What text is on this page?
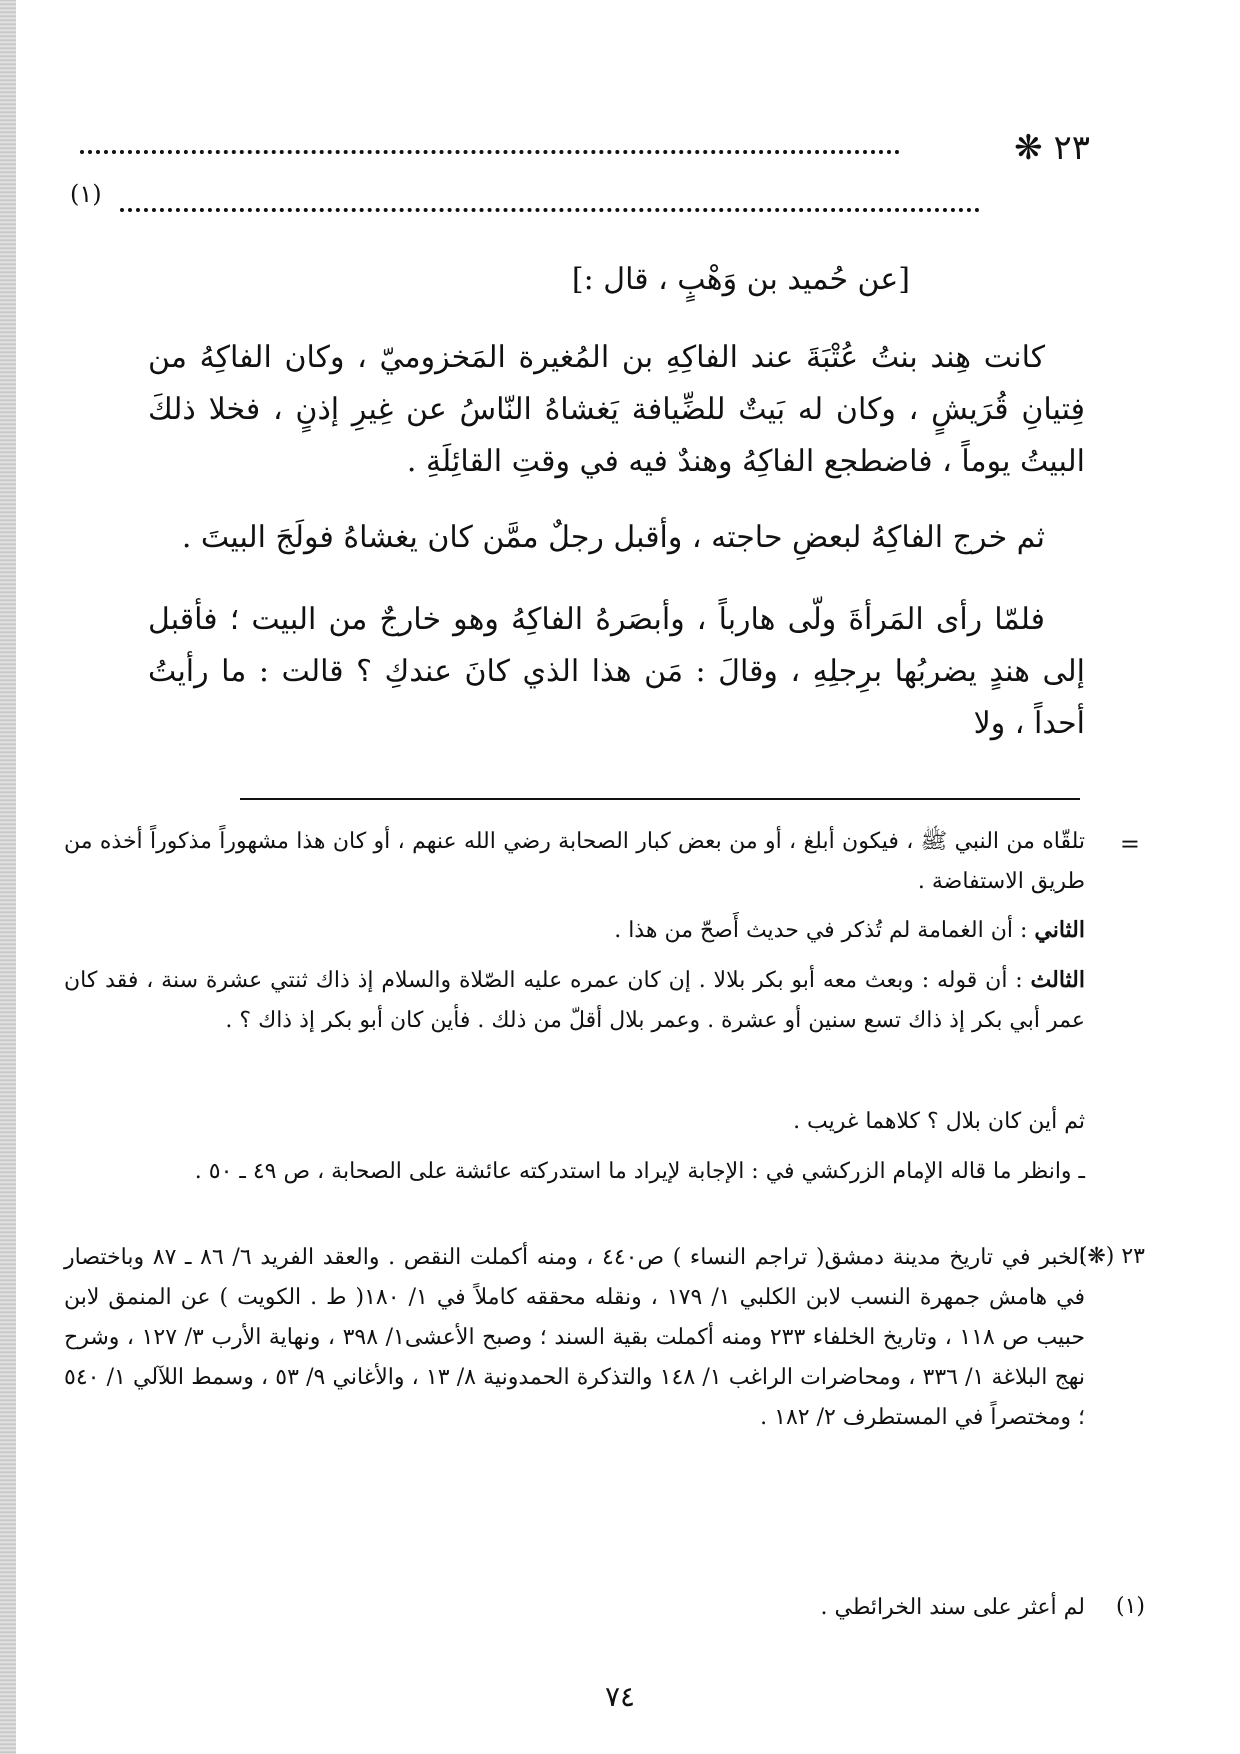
٢٣ ❋
(١)
[عن حُميد بن وَهْبٍ ، قال :]

كانت هِند بنتُ عُتْبَةَ عند الفاكِهِ بن المُغيرة المَخزوميّ ، وكان الفاكِهُ من فِتيانِ قُرَيشٍ ، وكان له بَيتٌ للضِّيافة يَغشاهُ النّاسُ عن غِيرِ إذنٍ ، فخلا ذلكَ البيتُ يوماً ، فاضطجع الفاكِهُ وهندٌ فيه في وقتِ القائِلَةِ .

ثم خرج الفاكِهُ لبعضِ حاجته ، وأقبل رجلٌ ممَّن كان يغشاهُ فولَجَ البيتَ .

فلمّا رأى المَرأةَ ولّى هارباً ، وأبصَرهُ الفاكِهُ وهو خارجٌ من البيت ؛ فأقبل إلى هندٍ يضربُها برِجلِهِ ، وقالَ : مَن هذا الذي كانَ عندكِ ؟ قالت : ما رأيتُ أحداً ، ولا

=

تلقّاه من النبي ﷺ ، فيكون أبلغ ، أو من بعض كبار الصحابة رضي الله عنهم ، أو كان هذا مشهوراً مذكوراً أخذه من طريق الاستفاضة .

الثاني : أن الغمامة لم تُذكر في حديث أَصحّ من هذا .

الثالث : أن قوله : وبعث معه أبو بكر بلالا . إن كان عمره عليه الصّلاة والسلام إذ ذاك ثنتي عشرة سنة ، فقد كان عمر أبي بكر إذ ذاك تسع سنين أو عشرة . وعمر بلال أقلّ من ذلك . فأين كان أبو بكر إذ ذاك ؟ .

ثم أين كان بلال ؟ كلاهما غريب .

ـ وانظر ما قاله الإمام الزركشي في : الإجابة لإيراد ما استدركته عائشة على الصحابة ، ص ٤٩ ـ ٥٠ .

٢٣ (❋)

الخبر في تاريخ مدينة دمشق( تراجم النساء ) ص٤٤٠ ، ومنه أكملت النقص . والعقد الفريد ٦/ ٨٦ ـ ٨٧ وباختصار في هامش جمهرة النسب لابن الكلبي ١/ ١٧٩ ، ونقله محققه كاملاً في ١/ ١٨٠( ط . الكويت ) عن المنمق لابن حبيب ص ١١٨ ، وتاريخ الخلفاء ٢٣٣ ومنه أكملت بقية السند ؛ وصبح الأعشى١/ ٣٩٨ ، ونهاية الأرب ٣/ ١٢٧ ، وشرح نهج البلاغة ١/ ٣٣٦ ، ومحاضرات الراغب ١/ ١٤٨ والتذكرة الحمدونية ٨/ ١٣ ، والأغاني ٩/ ٥٣ ، وسمط اللآلي ١/ ٥٤٠ ؛ ومختصراً في المستطرف ٢/ ١٨٢ .

(١)

لم أعثر على سند الخرائطي .

٧٤
